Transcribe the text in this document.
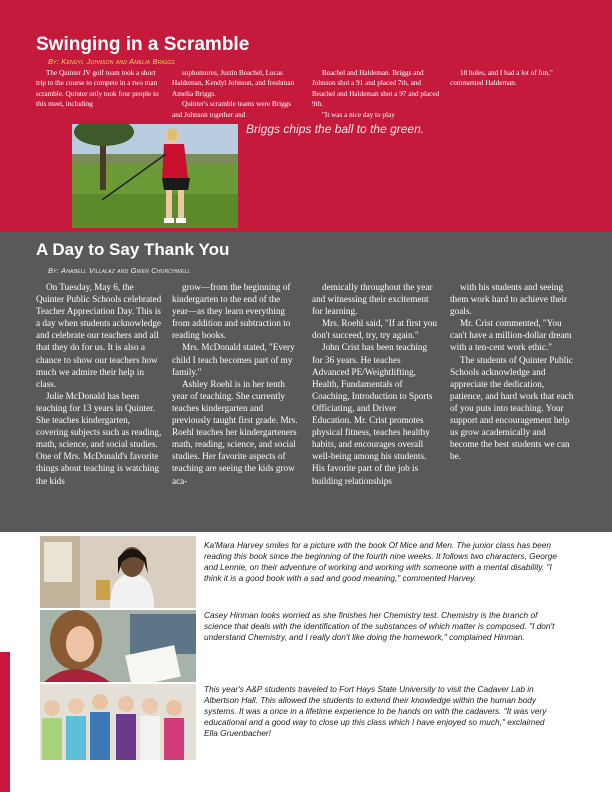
Swinging in a Scramble
By: Kendyl Johnson and Amelia Briggs

The Quinter JV golf team took a short trip to the course to compete in a two man scramble. Quinter only took four people to this meet, including

sophomores, Justin Beachel, Lucas Haldeman, Kendyl Johnson, and freshman Amelia Briggs.

Quinter's scramble teams were Briggs and Johnson together and

Beachel and Haldeman. Briggs and Johnson shot a 91 and placed 7th, and Beachel and Haldeman shot a 97 and placed 9th.

"It was a nice day to play

18 holes, and I had a lot of fun," commented Haldeman.

Briggs chips the ball to the green.
A Day to Say Thank You
By: Anabell Villalaz and Gwen Churchwell

On Tuesday, May 6, the Quinter Public Schools celebrated Teacher Appreciation Day. This is a day when students acknowledge and celebrate our teachers and all that they do for us. It is also a chance to show our teachers how much we admire their help in class.

Julie McDonald has been teaching for 13 years in Quinter. She teaches kindergarten, covering subjects such as reading, math, science, and social studies. One of Mrs. McDonald's favorite things about teaching is watching the kids

grow—from the beginning of kindergarten to the end of the year—as they learn everything from addition and subtraction to reading books.

Mrs. McDonald stated, "Every child I teach becomes part of my family."

Ashley Roehl is in her tenth year of teaching. She currently teaches kindergarten and previously taught first grade. Mrs. Roehl teaches her kindergarteners math, reading, science, and social studies. Her favorite aspects of teaching are seeing the kids grow aca-

demically throughout the year and witnessing their excitement for learning.

Mrs. Roehl said, "If at first you don't succeed, try, try again."

John Crist has been teaching for 36 years. He teaches Advanced PE/Weightlifting, Health, Fundamentals of Coaching, Introduction to Sports Officiating, and Driver Education. Mr. Crist promotes physical fitness, teaches healthy habits, and encourages overall well-being among his students. His favorite part of the job is building relationships

with his students and seeing them work hard to achieve their goals.

Mr. Crist commented, "You can't have a million-dollar dream with a ten-cent work ethic."

The students of Quinter Public Schools acknowledge and appreciate the dedication, patience, and hard work that each of you puts into teaching. Your support and encouragement help us grow academically and become the best students we can be.

Ka'Mara Harvey smiles for a picture with the book Of Mice and Men. The junior class has been reading this book since the beginning of the fourth nine weeks. It follows two characters, George and Lennie, on their adventure of working and working with someone with a mental disability. "I think it is a good book with a sad and good meaning," commented Harvey.

Casey Hinman looks worried as she finishes her Chemistry test. Chemistry is the branch of science that deals with the identification of the substances of which matter is composed. "I don't understand Chemistry, and I really don't like doing the homework," complained Hinman.

This year's A&P students traveled to Fort Hays State University to visit the Cadaver Lab in Albertson Hall. This allowed the students to extend their knowledge within the human body systems. It was a once in a lifetime experience to be hands on with the cadavers. "It was very educational and a good way to close up this class which I have enjoyed so much," exclaimed Ella Gruenbacher!
